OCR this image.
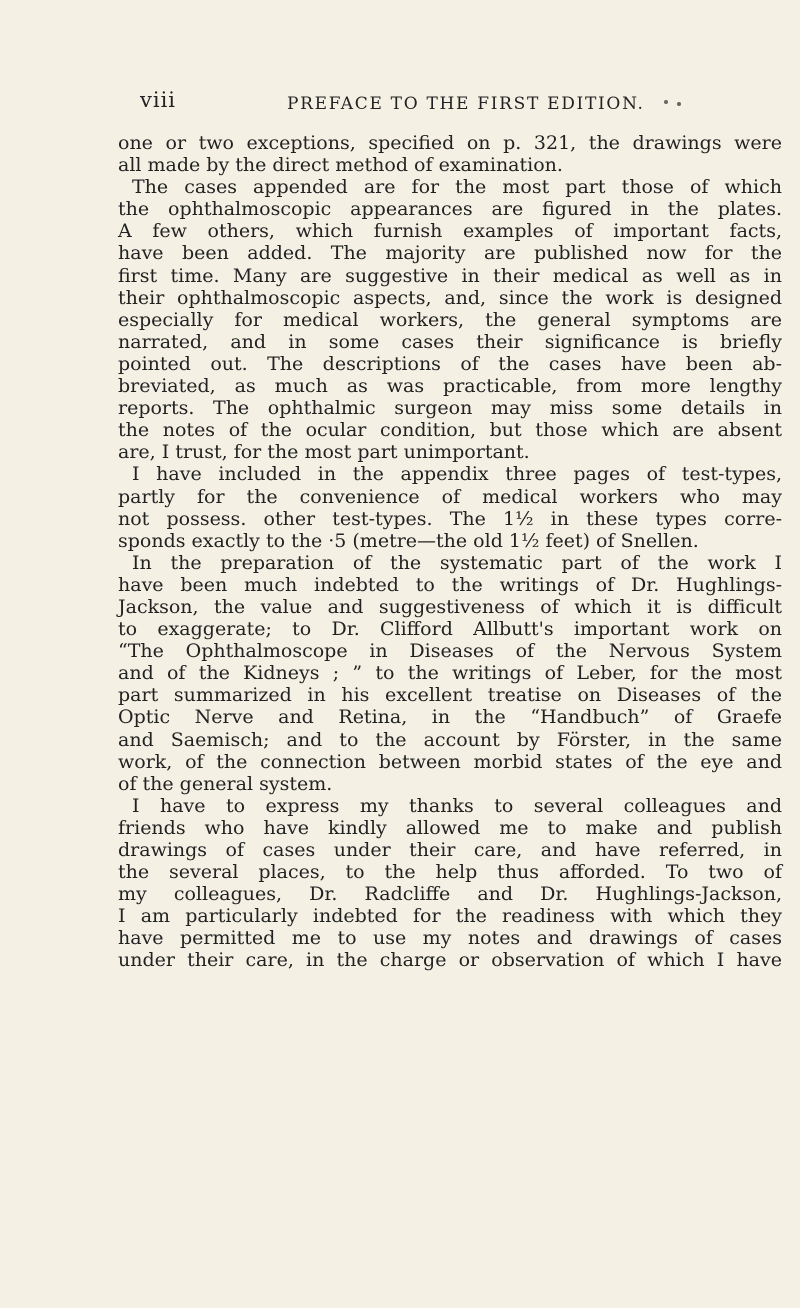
viii	PREFACE TO THE FIRST EDITION.
one or two exceptions, specified on p. 321, the drawings were
all made by the direct method of examination.
The cases appended are for the most part those of which
the ophthalmoscopic appearances are figured in the plates.
A few others, which furnish examples of important facts,
have been added. The majority are published now for the
first time. Many are suggestive in their medical as well as in
their ophthalmoscopic aspects, and, since the work is designed
especially for medical workers, the general symptoms are
narrated, and in some cases their significance is briefly
pointed out. The descriptions of the cases have been ab-
breviated, as much as was practicable, from more lengthy
reports. The ophthalmic surgeon may miss some details in
the notes of the ocular condition, but those which are absent
are, I trust, for the most part unimportant.
I have included in the appendix three pages of test-types,
partly for the convenience of medical workers who may
not possess. other test-types. The 1½ in these types corre-
sponds exactly to the ·5 (metre—the old 1½ feet) of Snellen.
In the preparation of the systematic part of the work I
have been much indebted to the writings of Dr. Hughlings-
Jackson, the value and suggestiveness of which it is difficult
to exaggerate; to Dr. Clifford Allbutt's important work on
“The Ophthalmoscope in Diseases of the Nervous System
and of the Kidneys ; ” to the writings of Leber, for the most
part summarized in his excellent treatise on Diseases of the
Optic Nerve and Retina, in the “Handbuch” of Graefe
and Saemisch; and to the account by Förster, in the same
work, of the connection between morbid states of the eye and
of the general system.
I have to express my thanks to several colleagues and
friends who have kindly allowed me to make and publish
drawings of cases under their care, and have referred, in
the several places, to the help thus afforded. To two of
my colleagues, Dr. Radcliffe and Dr. Hughlings-Jackson,
I am particularly indebted for the readiness with which they
have permitted me to use my notes and drawings of cases
under their care, in the charge or observation of which I have
